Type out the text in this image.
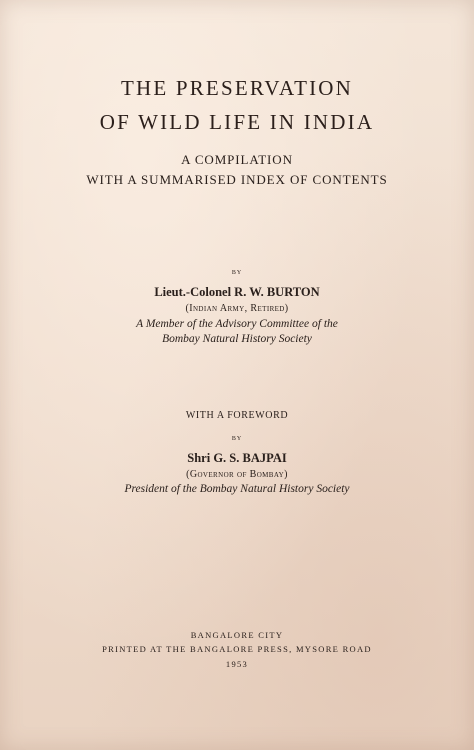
THE PRESERVATION
OF WILD LIFE IN INDIA
A COMPILATION
WITH A SUMMARISED INDEX OF CONTENTS
BY
Lieut.-Colonel R. W. BURTON
(Indian Army, Retired)
A Member of the Advisory Committee of the
Bombay Natural History Society
WITH A FOREWORD
BY
Shri G. S. BAJPAI
(Governor of Bombay)
President of the Bombay Natural History Society
BANGALORE CITY
PRINTED AT THE BANGALORE PRESS, MYSORE ROAD
1953
